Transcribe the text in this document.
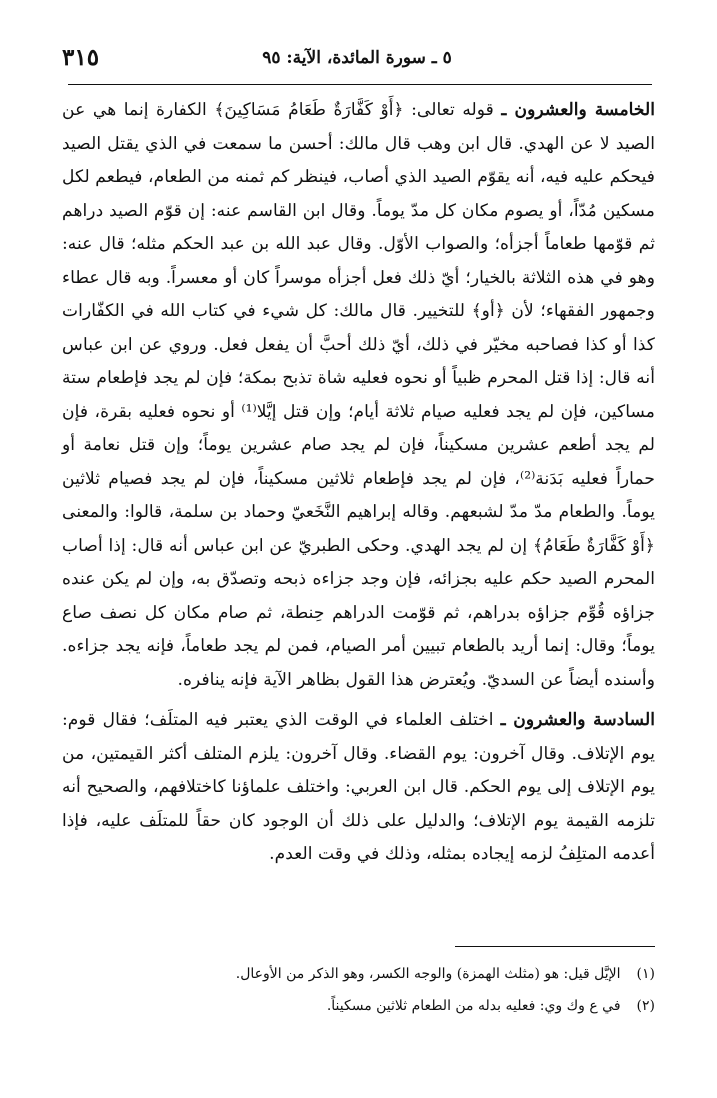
٥ ـ سورة المائدة، الآية: ٩٥
٣١٥

الخامسة والعشرون ـ قوله تعالى: ﴿أَوْ كَفَّارَةٌ طَعَامُ مَسَاكِينَ﴾ الكفارة إنما هي عن الصيد لا عن الهدي. قال ابن وهب قال مالك: أحسن ما سمعت في الذي يقتل الصيد فيحكم عليه فيه، أنه يقوّم الصيد الذي أصاب، فينظر كم ثمنه من الطعام، فيطعم لكل مسكين مُدّاً، أو يصوم مكان كل مدّ يوماً. وقال ابن القاسم عنه: إن قوّم الصيد دراهم ثم قوّمها طعاماً أجزأه؛ والصواب الأوّل. وقال عبد الله بن عبد الحكم مثله؛ قال عنه: وهو في هذه الثلاثة بالخيار؛ أيّ ذلك فعل أجزأه موسراً كان أو معسراً. وبه قال عطاء وجمهور الفقهاء؛ لأن ﴿أو﴾ للتخيير. قال مالك: كل شيء في كتاب الله في الكفّارات كذا أو كذا فصاحبه مخيّر في ذلك، أيّ ذلك أحبَّ أن يفعل فعل. وروي عن ابن عباس أنه قال: إذا قتل المحرم ظبياً أو نحوه فعليه شاة تذبح بمكة؛ فإن لم يجد فإطعام ستة مساكين، فإن لم يجد فعليه صيام ثلاثة أيام؛ وإن قتل إيَّلا⁽¹⁾ أو نحوه فعليه بقرة، فإن لم يجد أطعم عشرين مسكيناً، فإن لم يجد صام عشرين يوماً؛ وإن قتل نعامة أو حماراً فعليه بَدَنة⁽²⁾، فإن لم يجد فإطعام ثلاثين مسكيناً، فإن لم يجد فصيام ثلاثين يوماً. والطعام مدّ مدّ لشبعهم. وقاله إبراهيم النَّخَعيّ وحماد بن سلمة، قالوا: والمعنى ﴿أَوْ كَفَّارَةٌ طَعَامُ﴾ إن لم يجد الهدي. وحكى الطبريّ عن ابن عباس أنه قال: إذا أصاب المحرم الصيد حكم عليه بجزائه، فإن وجد جزاءه ذبحه وتصدّق به، وإن لم يكن عنده جزاؤه قُوِّم جزاؤه بدراهم، ثم قوّمت الدراهم حِنطة، ثم صام مكان كل نصف صاع يوماً؛ وقال: إنما أريد بالطعام تبيين أمر الصيام، فمن لم يجد طعاماً، فإنه يجد جزاءه. وأسنده أيضاً عن السديّ. ويُعترض هذا القول بظاهر الآية فإنه ينافره.

السادسة والعشرون ـ اختلف العلماء في الوقت الذي يعتبر فيه المتلَف؛ فقال قوم: يوم الإتلاف. وقال آخرون: يوم القضاء. وقال آخرون: يلزم المتلف أكثر القيمتين، من يوم الإتلاف إلى يوم الحكم. قال ابن العربي: واختلف علماؤنا كاختلافهم، والصحيح أنه تلزمه القيمة يوم الإتلاف؛ والدليل على ذلك أن الوجود كان حقاً للمتلَف عليه، فإذا أعدمه المتلِفُ لزمه إيجاده بمثله، وذلك في وقت العدم.

(١) الإيَّل قيل: هو (مثلث الهمزة) والوجه الكسر، وهو الذكر من الأوعال.

(٢) في ع وك وي: فعليه بدله من الطعام ثلاثين مسكيناً.
